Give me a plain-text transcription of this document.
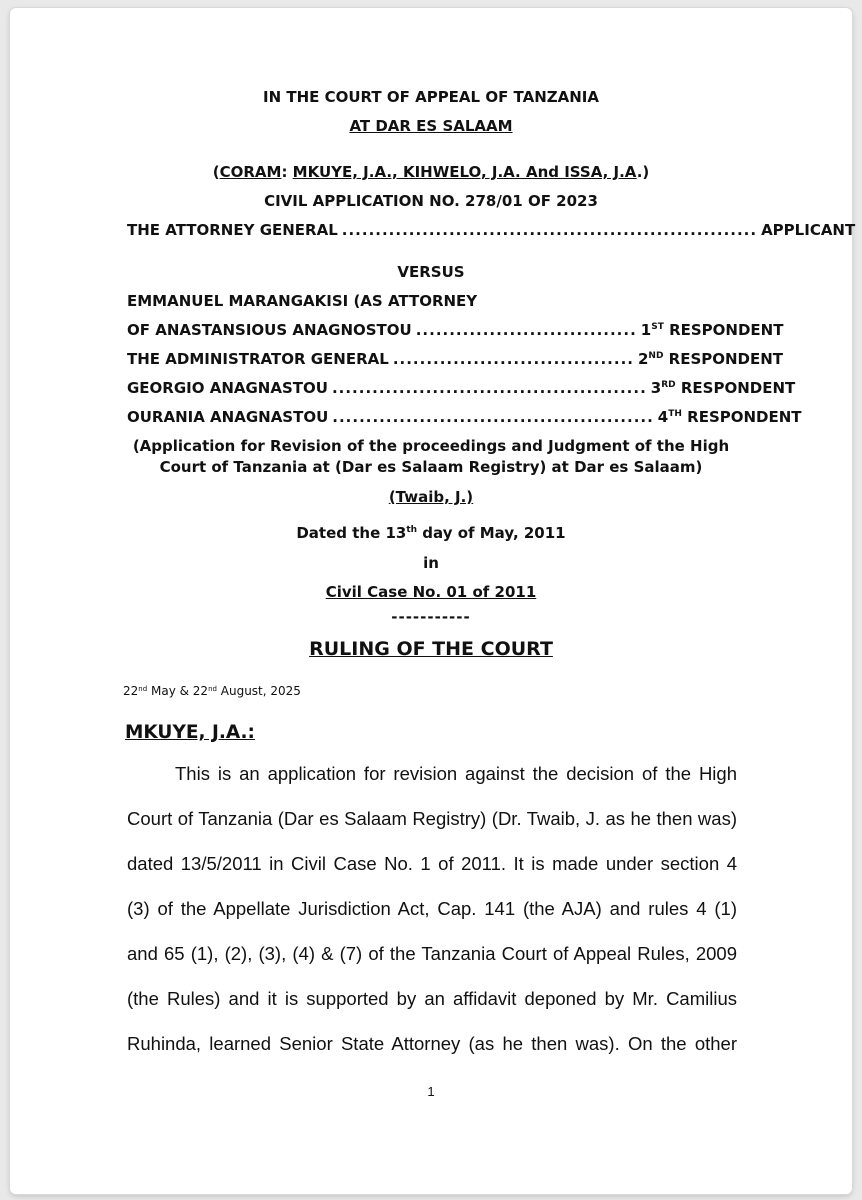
IN THE COURT OF APPEAL OF TANZANIA
AT DAR ES SALAAM
(CORAM: MKUYE, J.A., KIHWELO, J.A. And ISSA, J.A.)
CIVIL APPLICATION NO. 278/01 OF 2023
THE ATTORNEY GENERAL .............................................................. APPLICANT
VERSUS
EMMANUEL MARANGAKISI (AS ATTORNEY
OF ANASTANSIOUS ANAGNOSTOU ................................. 1ST RESPONDENT
THE ADMINISTRATOR GENERAL .................................... 2ND RESPONDENT
GEORGIO ANAGNASTOU ............................................... 3RD RESPONDENT
OURANIA ANAGNASTOU ................................................ 4TH RESPONDENT
(Application for Revision of the proceedings and Judgment of the High
Court of Tanzania at (Dar es Salaam Registry) at Dar es Salaam)
(Twaib, J.)
Dated the 13th day of May, 2011
in
Civil Case No. 01 of 2011
-----------
RULING OF THE COURT
22nd May & 22nd August, 2025
MKUYE, J.A.:
This is an application for revision against the decision of the High
Court of Tanzania (Dar es Salaam Registry) (Dr. Twaib, J. as he then was)
dated 13/5/2011 in Civil Case No. 1 of 2011. It is made under section 4
(3) of the Appellate Jurisdiction Act, Cap. 141 (the AJA) and rules 4 (1)
and 65 (1), (2), (3), (4) & (7) of the Tanzania Court of Appeal Rules, 2009
(the Rules) and it is supported by an affidavit deponed by Mr. Camilius
Ruhinda, learned Senior State Attorney (as he then was). On the other
1
